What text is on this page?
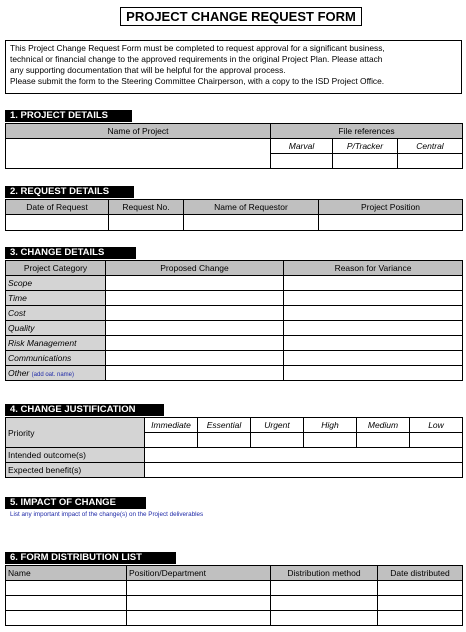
PROJECT CHANGE REQUEST FORM
This Project Change Request Form must be completed to request approval for a significant business,
technical or financial change to the approved requirements in the original Project Plan. Please attach
any supporting documentation that will be helpful for the approval process.
Please submit the form to the Steering Committee Chairperson, with a copy to the ISD Project Office.
1. PROJECT DETAILS
Name of Project	File references		
	Marval	P/Tracker	Central

2. REQUEST DETAILS
Date of Request	Request No.	Name of Requestor	Project Position

3. CHANGE DETAILS
Project Category	Proposed Change	Reason for Variance
Scope		
Time		
Cost		
Quality		
Risk Management		
Communications		
Other (add oat. name)		
4. CHANGE JUSTIFICATION
Priority	Immediate	Essential	Urgent	High	Medium	Low

Intended outcome(s)						
Expected benefit(s)						
5. IMPACT OF CHANGE
List any important impact of the change(s) on the Project deliverables
6. FORM DISTRIBUTION LIST
Name	Position/Department	Distribution method	Date distributed
